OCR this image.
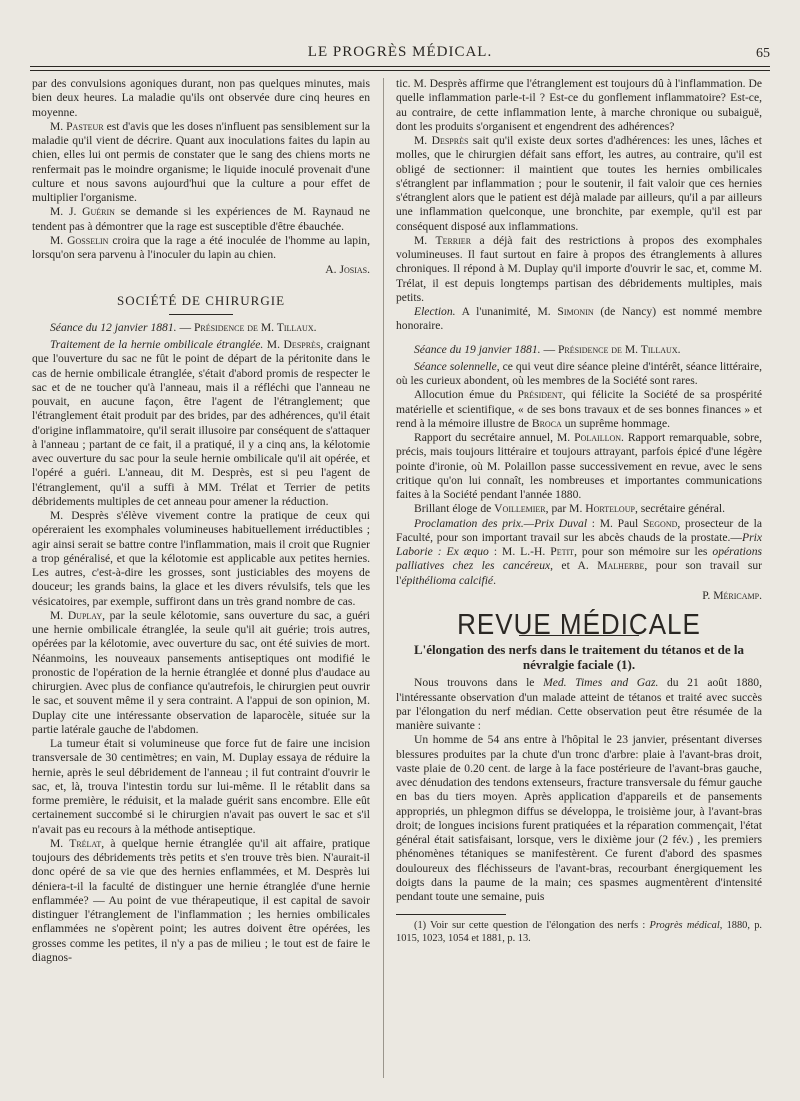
LE PROGRÈS MÉDICAL.	65

par des convulsions agoniques durant, non pas quelques minutes, mais bien deux heures. La maladie qu'ils ont observée dure cinq heures en moyenne.

M. Pasteur est d'avis que les doses n'influent pas sensiblement sur la maladie qu'il vient de décrire. Quant aux inoculations faites du lapin au chien, elles lui ont permis de constater que le sang des chiens morts ne renfermait pas le moindre organisme; le liquide inoculé provenait d'une culture et nous savons aujourd'hui que la culture a pour effet de multiplier l'organisme.

M. J. Guérin se demande si les expériences de M. Raynaud ne tendent pas à démontrer que la rage est susceptible d'être ébauchée.

M. Gosselin croira que la rage a été inoculée de l'homme au lapin, lorsqu'on sera parvenu à l'inoculer du lapin au chien.

A. Josias.
SOCIÉTÉ DE CHIRURGIE

Séance du 12 janvier 1881. — Présidence de M. Tillaux.

Traitement de la hernie ombilicale étranglée. M. Desprès, craignant que l'ouverture du sac ne fût le point de départ de la péritonite dans le cas de hernie ombilicale étranglée, s'était d'abord promis de respecter le sac et de ne toucher qu'à l'anneau, mais il a réfléchi que l'anneau ne pouvait, en aucune façon, être l'agent de l'étranglement; que l'étranglement était produit par des brides, par des adhérences, qu'il était d'origine inflammatoire, qu'il serait illusoire par conséquent de s'attaquer à l'anneau ; partant de ce fait, il a pratiqué, il y a cinq ans, la kélotomie avec ouverture du sac pour la seule hernie ombilicale qu'il ait opérée, et l'opéré a guéri. L'anneau, dit M. Desprès, est si peu l'agent de l'étranglement, qu'il a suffi à MM. Trélat et Terrier de petits débridements multiples de cet anneau pour amener la réduction.

M. Desprès s'élève vivement contre la pratique de ceux qui opéreraient les exomphales volumineuses habituellement irréductibles ; agir ainsi serait se battre contre l'inflammation, mais il croit que Rugnier a trop généralisé, et que la kélotomie est applicable aux petites hernies. Les autres, c'est-à-dire les grosses, sont justiciables des moyens de douceur; les grands bains, la glace et les divers révulsifs, tels que les vésicatoires, par exemple, suffiront dans un très grand nombre de cas.

M. Duplay, par la seule kélotomie, sans ouverture du sac, a guéri une hernie ombilicale étranglée, la seule qu'il ait guérie; trois autres, opérées par la kélotomie, avec ouverture du sac, ont été suivies de mort. Néanmoins, les nouveaux pansements antiseptiques ont modifié le pronostic de l'opération de la hernie étranglée et donné plus d'audace au chirurgien. Avec plus de confiance qu'autrefois, le chirurgien peut ouvrir le sac, et souvent même il y sera contraint. A l'appui de son opinion, M. Duplay cite une intéressante observation de laparocèle, située sur la partie latérale gauche de l'abdomen.

La tumeur était si volumineuse que force fut de faire une incision transversale de 30 centimètres; en vain, M. Duplay essaya de réduire la hernie, après le seul débridement de l'anneau ; il fut contraint d'ouvrir le sac, et, là, trouva l'intestin tordu sur lui-même. Il le rétablit dans sa forme première, le réduisit, et la malade guérit sans encombre. Elle eût certainement succombé si le chirurgien n'avait pas ouvert le sac et s'il n'avait pas eu recours à la méthode antiseptique.

M. Trélat, à quelque hernie étranglée qu'il ait affaire, pratique toujours des débridements très petits et s'en trouve très bien. N'aurait-il donc opéré de sa vie que des hernies enflammées, et M. Desprès lui déniera-t-il la faculté de distinguer une hernie étranglée d'une hernie enflammée? — Au point de vue thérapeutique, il est capital de savoir distinguer l'étranglement de l'inflammation ; les hernies ombilicales enflammées ne s'opèrent point; les autres doivent être opérées, les grosses comme les petites, il n'y a pas de milieu ; le tout est de faire le diagnos-

tic. M. Desprès affirme que l'étranglement est toujours dû à l'inflammation. De quelle inflammation parle-t-il ? Est-ce du gonflement inflammatoire? Est-ce, au contraire, de cette inflammation lente, à marche chronique ou subaiguë, dont les produits s'organisent et engendrent des adhérences?

M. Desprès sait qu'il existe deux sortes d'adhérences: les unes, lâches et molles, que le chirurgien défait sans effort, les autres, au contraire, qu'il est obligé de sectionner: il maintient que toutes les hernies ombilicales s'étranglent par inflammation ; pour le soutenir, il fait valoir que ces hernies s'étranglent alors que le patient est déjà malade par ailleurs, qu'il a par ailleurs une inflammation quelconque, une bronchite, par exemple, qu'il est par conséquent disposé aux inflammations.

M. Terrier a déjà fait des restrictions à propos des exomphales volumineuses. Il faut surtout en faire à propos des étranglements à allures chroniques. Il répond à M. Duplay qu'il importe d'ouvrir le sac, et, comme M. Trélat, il est depuis longtemps partisan des débridements multiples, mais petits.

Election. A l'unanimité, M. Simonin (de Nancy) est nommé membre honoraire.

Séance du 19 janvier 1881. — Présidence de M. Tillaux.

Séance solennelle, ce qui veut dire séance pleine d'intérêt, séance littéraire, où les curieux abondent, où les membres de la Société sont rares.

Allocution émue du Président, qui félicite la Société de sa prospérité matérielle et scientifique, « de ses bons travaux et de ses bonnes finances » et rend à la mémoire illustre de Broca un suprême hommage.

Rapport du secrétaire annuel, M. Polaillon. Rapport remarquable, sobre, précis, mais toujours littéraire et toujours attrayant, parfois épicé d'une légère pointe d'ironie, où M. Polaillon passe successivement en revue, avec le sens critique qu'on lui connaît, les nombreuses et importantes communications faites à la Société pendant l'année 1880.

Brillant éloge de Voillemier, par M. Horteloup, secrétaire général.

Proclamation des prix.—Prix Duval : M. Paul Segond, prosecteur de la Faculté, pour son important travail sur les abcès chauds de la prostate.—Prix Laborie : Ex æquo : M. L.-H. Petit, pour son mémoire sur les opérations palliatives chez les cancéreux, et A. Malherbe, pour son travail sur l'épithélioma calcifié.

P. Méricamp.
REVUE MÉDICALE
L'élongation des nerfs dans le traitement du tétanos et de la névralgie faciale (1).

Nous trouvons dans le Med. Times and Gaz. du 21 août 1880, l'intéressante observation d'un malade atteint de tétanos et traité avec succès par l'élongation du nerf médian. Cette observation peut être résumée de la manière suivante :

Un homme de 54 ans entre à l'hôpital le 23 janvier, présentant diverses blessures produites par la chute d'un tronc d'arbre: plaie à l'avant-bras droit, vaste plaie de 0.20 cent. de large à la face postérieure de l'avant-bras gauche, avec dénudation des tendons extenseurs, fracture transversale du fémur gauche en bas du tiers moyen. Après application d'appareils et de pansements appropriés, un phlegmon diffus se développa, le troisième jour, à l'avant-bras droit; de longues incisions furent pratiquées et la réparation commençait, l'état général était satisfaisant, lorsque, vers le dixième jour (2 fév.) , les premiers phénomènes tétaniques se manifestèrent. Ce furent d'abord des spasmes douloureux des fléchisseurs de l'avant-bras, recourbant énergiquement les doigts dans la paume de la main; ces spasmes augmentèrent d'intensité pendant toute une semaine, puis

(1) Voir sur cette question de l'élongation des nerfs : Progrès médical, 1880, p. 1015, 1023, 1054 et 1881, p. 13.
